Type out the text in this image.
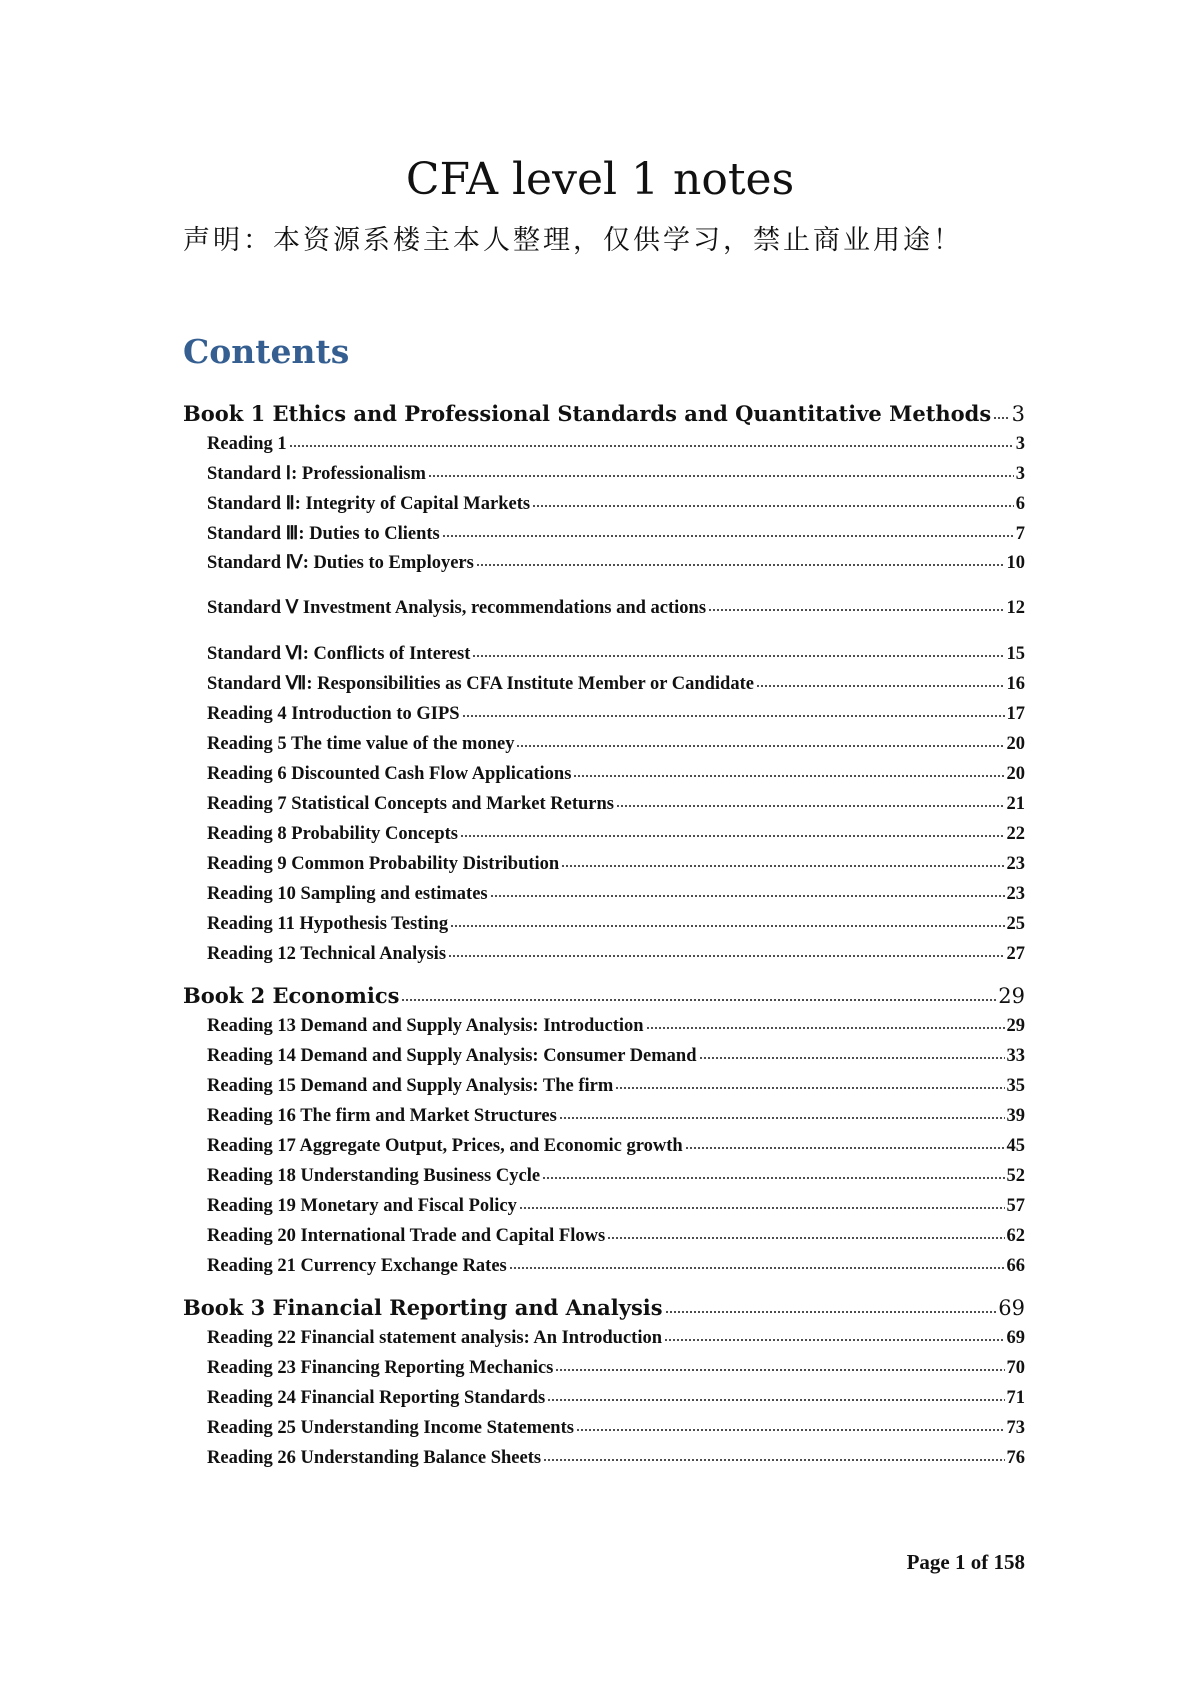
CFA level 1 notes
声明：本资源系楼主本人整理，仅供学习，禁止商业用途！
Contents
Book 1 Ethics and Professional Standards and Quantitative Methods 3
Reading 1	3
Standard Ⅰ: Professionalism	3
Standard Ⅱ: Integrity of Capital Markets	6
Standard Ⅲ: Duties to Clients	7
Standard Ⅳ: Duties to Employers	10
Standard Ⅴ Investment Analysis, recommendations and actions	12
Standard Ⅵ: Conflicts of Interest	15
Standard Ⅶ: Responsibilities as CFA Institute Member or Candidate	16
Reading 4 Introduction to GIPS	17
Reading 5 The time value of the money	20
Reading 6 Discounted Cash Flow Applications	20
Reading 7 Statistical Concepts and Market Returns	21
Reading 8 Probability Concepts	22
Reading 9 Common Probability Distribution	23
Reading 10 Sampling and estimates	23
Reading 11 Hypothesis Testing	25
Reading 12 Technical Analysis	27
Book 2 Economics	29
Reading 13 Demand and Supply Analysis: Introduction	29
Reading 14 Demand and Supply Analysis: Consumer Demand	33
Reading 15 Demand and Supply Analysis: The firm	35
Reading 16 The firm and Market Structures	39
Reading 17 Aggregate Output, Prices, and Economic growth	45
Reading 18 Understanding Business Cycle	52
Reading 19 Monetary and Fiscal Policy	57
Reading 20 International Trade and Capital Flows	62
Reading 21 Currency Exchange Rates	66
Book 3 Financial Reporting and Analysis	69
Reading 22 Financial statement analysis: An Introduction	69
Reading 23 Financing Reporting Mechanics	70
Reading 24 Financial Reporting Standards	71
Reading 25 Understanding Income Statements	73
Reading 26 Understanding Balance Sheets	76
Page 1 of 158
